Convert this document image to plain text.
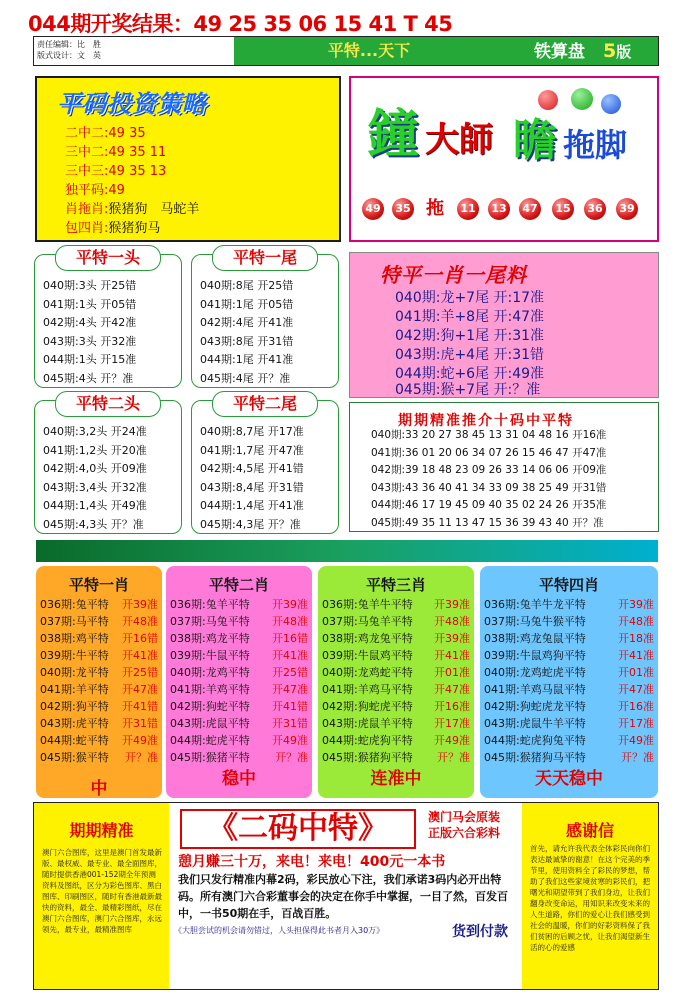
044期开奖结果：49 25 35 06 15 41 T 45
责任编辑：比　胜
版式设计：文　英	平特...天下	铁算盘 5版
平码投资策略
二中二:49 35
三中二:49 35 11
三中三:49 35 13
独平码:49
肖拖肖:猴猪狗　马蛇羊
包四肖:猴猪狗马
鐘 大師 瞻 拖脚
49	35 拖	11	13	47	15	36	39
平特一头
040期:3头 开25错
041期:1头 开05错
042期:4头 开42准
043期:3头 开32准
044期:1头 开15准
045期:4头 开？准
平特一尾
040期:8尾 开25错
041期:1尾 开05错
042期:4尾 开41准
043期:8尾 开31错
044期:1尾 开41准
045期:4尾 开？准
平特二头
040期:3,2头 开24准
041期:1,2头 开20准
042期:4,0头 开09准
043期:3,4头 开32准
044期:1,4头 开49准
045期:4,3头 开？准
平特二尾
040期:8,7尾 开17准
041期:1,7尾 开47准
042期:4,5尾 开41错
043期:8,4尾 开31错
044期:1,4尾 开41准
045期:4,3尾 开？准
特平一肖一尾料
040期:龙+7尾 开:17准
041期:羊+8尾 开:47准
042期:狗+1尾 开:31准
043期:虎+4尾 开:31错
044期:蛇+6尾 开:49准
045期:猴+7尾 开:？准
期期精准推介十码中平特
040期:33 20 27 38 45 13 31 04 48 16 开16准
041期:36 01 20 06 34 07 26 15 46 47 开47准
042期:39 18 48 23 09 26 33 14 06 06 开09准
043期:43 36 40 41 34 33 09 38 25 49 开31错
044期:46 17 19 45 09 40 35 02 24 26 开35准
045期:49 35 11 13 47 15 36 39 43 40 开？准
平特一肖
036期:兔平特 开39准
037期:马平特 开48准
038期:鸡平特 开16错
039期:牛平特 开41准
040期:龙平特 开25错
041期:羊平特 开47准
042期:狗平特 开41错
043期:虎平特 开31错
044期:蛇平特 开49准
045期:猴平特 开？准
中
平特二肖
036期:兔羊平特 开39准
037期:马兔平特 开48准
038期:鸡龙平特 开16错
039期:牛鼠平特 开41准
040期:龙鸡平特 开25错
041期:羊鸡平特 开47准
042期:狗蛇平特 开41错
043期:虎鼠平特 开31错
044期:蛇虎平特 开49准
045期:猴猪平特 开？准
稳中
平特三肖
036期:兔羊牛平特 开39准
037期:马兔羊平特 开48准
038期:鸡龙兔平特 开39准
039期:牛鼠鸡平特 开41准
040期:龙鸡蛇平特 开01准
041期:羊鸡马平特 开47准
042期:狗蛇虎平特 开16准
043期:虎鼠羊平特 开17准
044期:蛇虎狗平特 开49准
045期:猴猪狗平特 开？准
连准中
平特四肖
036期:兔羊牛龙平特	开39准
037期:马兔牛猴平特	开48准
038期:鸡龙兔鼠平特	开18准
039期:牛鼠鸡狗平特	开41准
040期:龙鸡蛇虎平特	开01准
041期:羊鸡马鼠平特	开47准
042期:狗蛇虎龙平特	开16准
043期:虎鼠牛羊平特	开17准
044期:蛇虎狗兔平特	开49准
045期:猴猪狗马平特	开？准
天天稳中
期期精准
澳门六合图库，这里是澳门首发最新版、最权威、最专业、最全面图库，随时提供香港001-152期全年预测资料及图纸，区分为彩色图库、黑白图库、印刷图区，随时有香港最新最快的资料，最全、最精彩图纸，尽在澳门六合图库，澳门六合图库，永远领先，最专业，最精准图库
《二码中特》	澳门马会原装
正版六合彩料
憩月赚三十万，来电！来电！400元一本书
我们只发行精准内幕2码，彩民放心下注，我们承诺3码内必开出特码。所有澳门六合彩董事会的决定在你手中掌握，一目了然，百发百中，一书50期在手，百战百胜。
《大胆尝试的机会请勿错过，人头担保得此书者月入30万》	货到付款
感谢信
首先，请允许我代表全体彩民向你们表达最诚挚的谢意！在这个完美的季节里，使用资料全了彩民的梦想，帮助了我们这些家境贫寒的彩民们，把曙光和期望带到了我们身边，让我们翻身改变命运，用知识来改变未来的人生道路，你们的爱心让我们感受到社会的温暖，你们的好彩资料保了我们贫困的后顾之忧，让我们渴望新生活的心的爱感
